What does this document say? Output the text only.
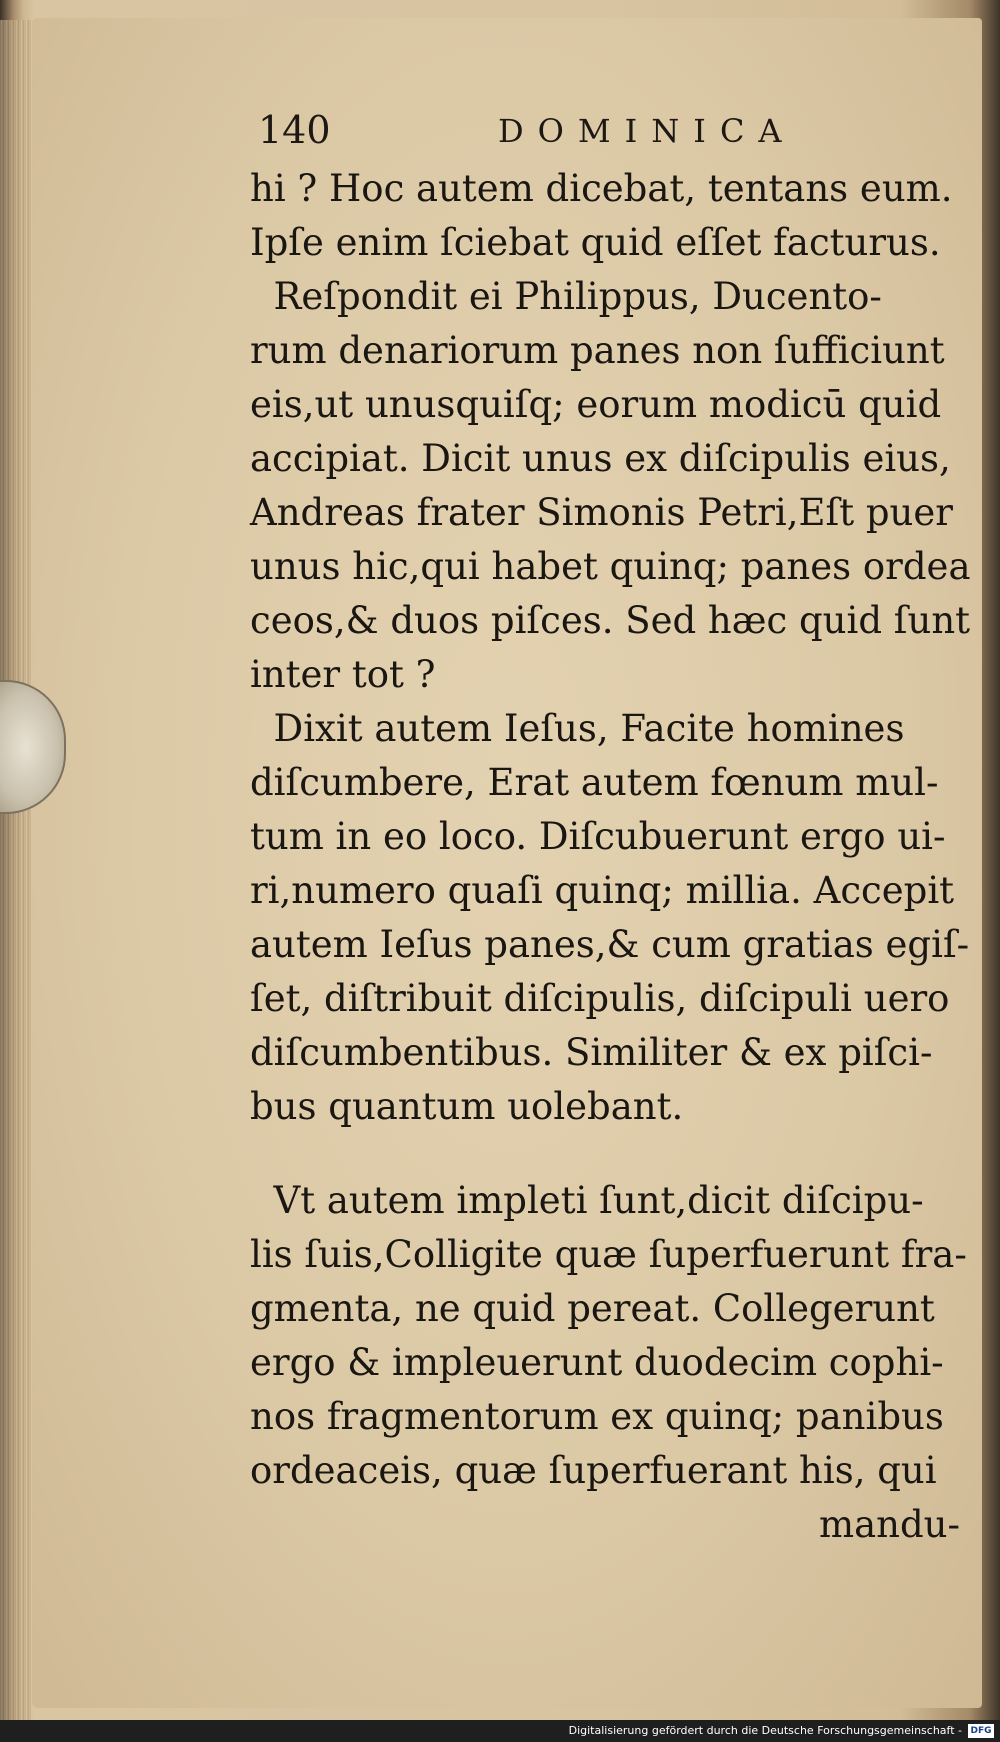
140	DOMINICA
hi ? Hoc autem dicebat, tentans eum.
Ipſe enim ſciebat quid eſſet facturus.
Reſpondit ei Philippus, Ducento-
rum denariorum panes non ſufficiunt
eis,ut unusquiſq; eorum modicū quid
accipiat. Dicit unus ex diſcipulis eius,
Andreas frater Simonis Petri,Eſt puer
unus hic,qui habet quinq; panes ordea
ceos,& duos piſces. Sed hæc quid ſunt
inter tot ?
Dixit autem Ieſus, Facite homines
diſcumbere, Erat autem fœnum mul-
tum in eo loco. Diſcubuerunt ergo ui-
ri,numero quaſi quinq; millia. Accepit
autem Ieſus panes,& cum gratias egiſ-
ſet, diſtribuit diſcipulis, diſcipuli uero
diſcumbentibus. Similiter & ex piſci-
bus quantum uolebant.
Vt autem impleti ſunt,dicit diſcipu-
lis ſuis,Colligite quæ ſuperfuerunt fra-
gmenta, ne quid pereat. Collegerunt
ergo & impleuerunt duodecim cophi-
nos fragmentorum ex quinq; panibus
ordeaceis, quæ ſuperfuerant his, qui
mandu-
Digitalisierung gefördert durch die Deutsche Forschungsgemeinschaft - DFG
